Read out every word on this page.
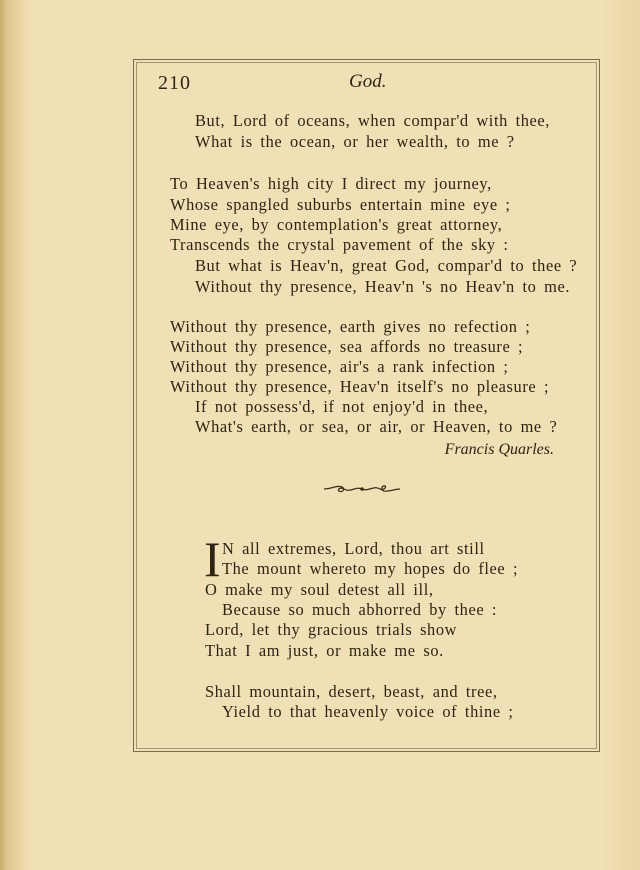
210	God.
But, Lord of oceans, when compar'd with thee,
What is the ocean, or her wealth, to me ?
To Heaven's high city I direct my journey,
Whose spangled suburbs entertain mine eye ;
Mine eye, by contemplation's great attorney,
Transcends the crystal pavement of the sky :
But what is Heav'n, great God, compar'd to thee ?
Without thy presence, Heav'n 's no Heav'n to me.
Without thy presence, earth gives no refection ;
Without thy presence, sea affords no treasure ;
Without thy presence, air's a rank infection ;
Without thy presence, Heav'n itself's no pleasure ;
If not possess'd, if not enjoy'd in thee,
What's earth, or sea, or air, or Heaven, to me ?
Francis Quarles.
I N all extremes, Lord, thou art still
The mount whereto my hopes do flee ;
O make my soul detest all ill,
Because so much abhorred by thee :
Lord, let thy gracious trials show
That I am just, or make me so.
Shall mountain, desert, beast, and tree,
Yield to that heavenly voice of thine ;
